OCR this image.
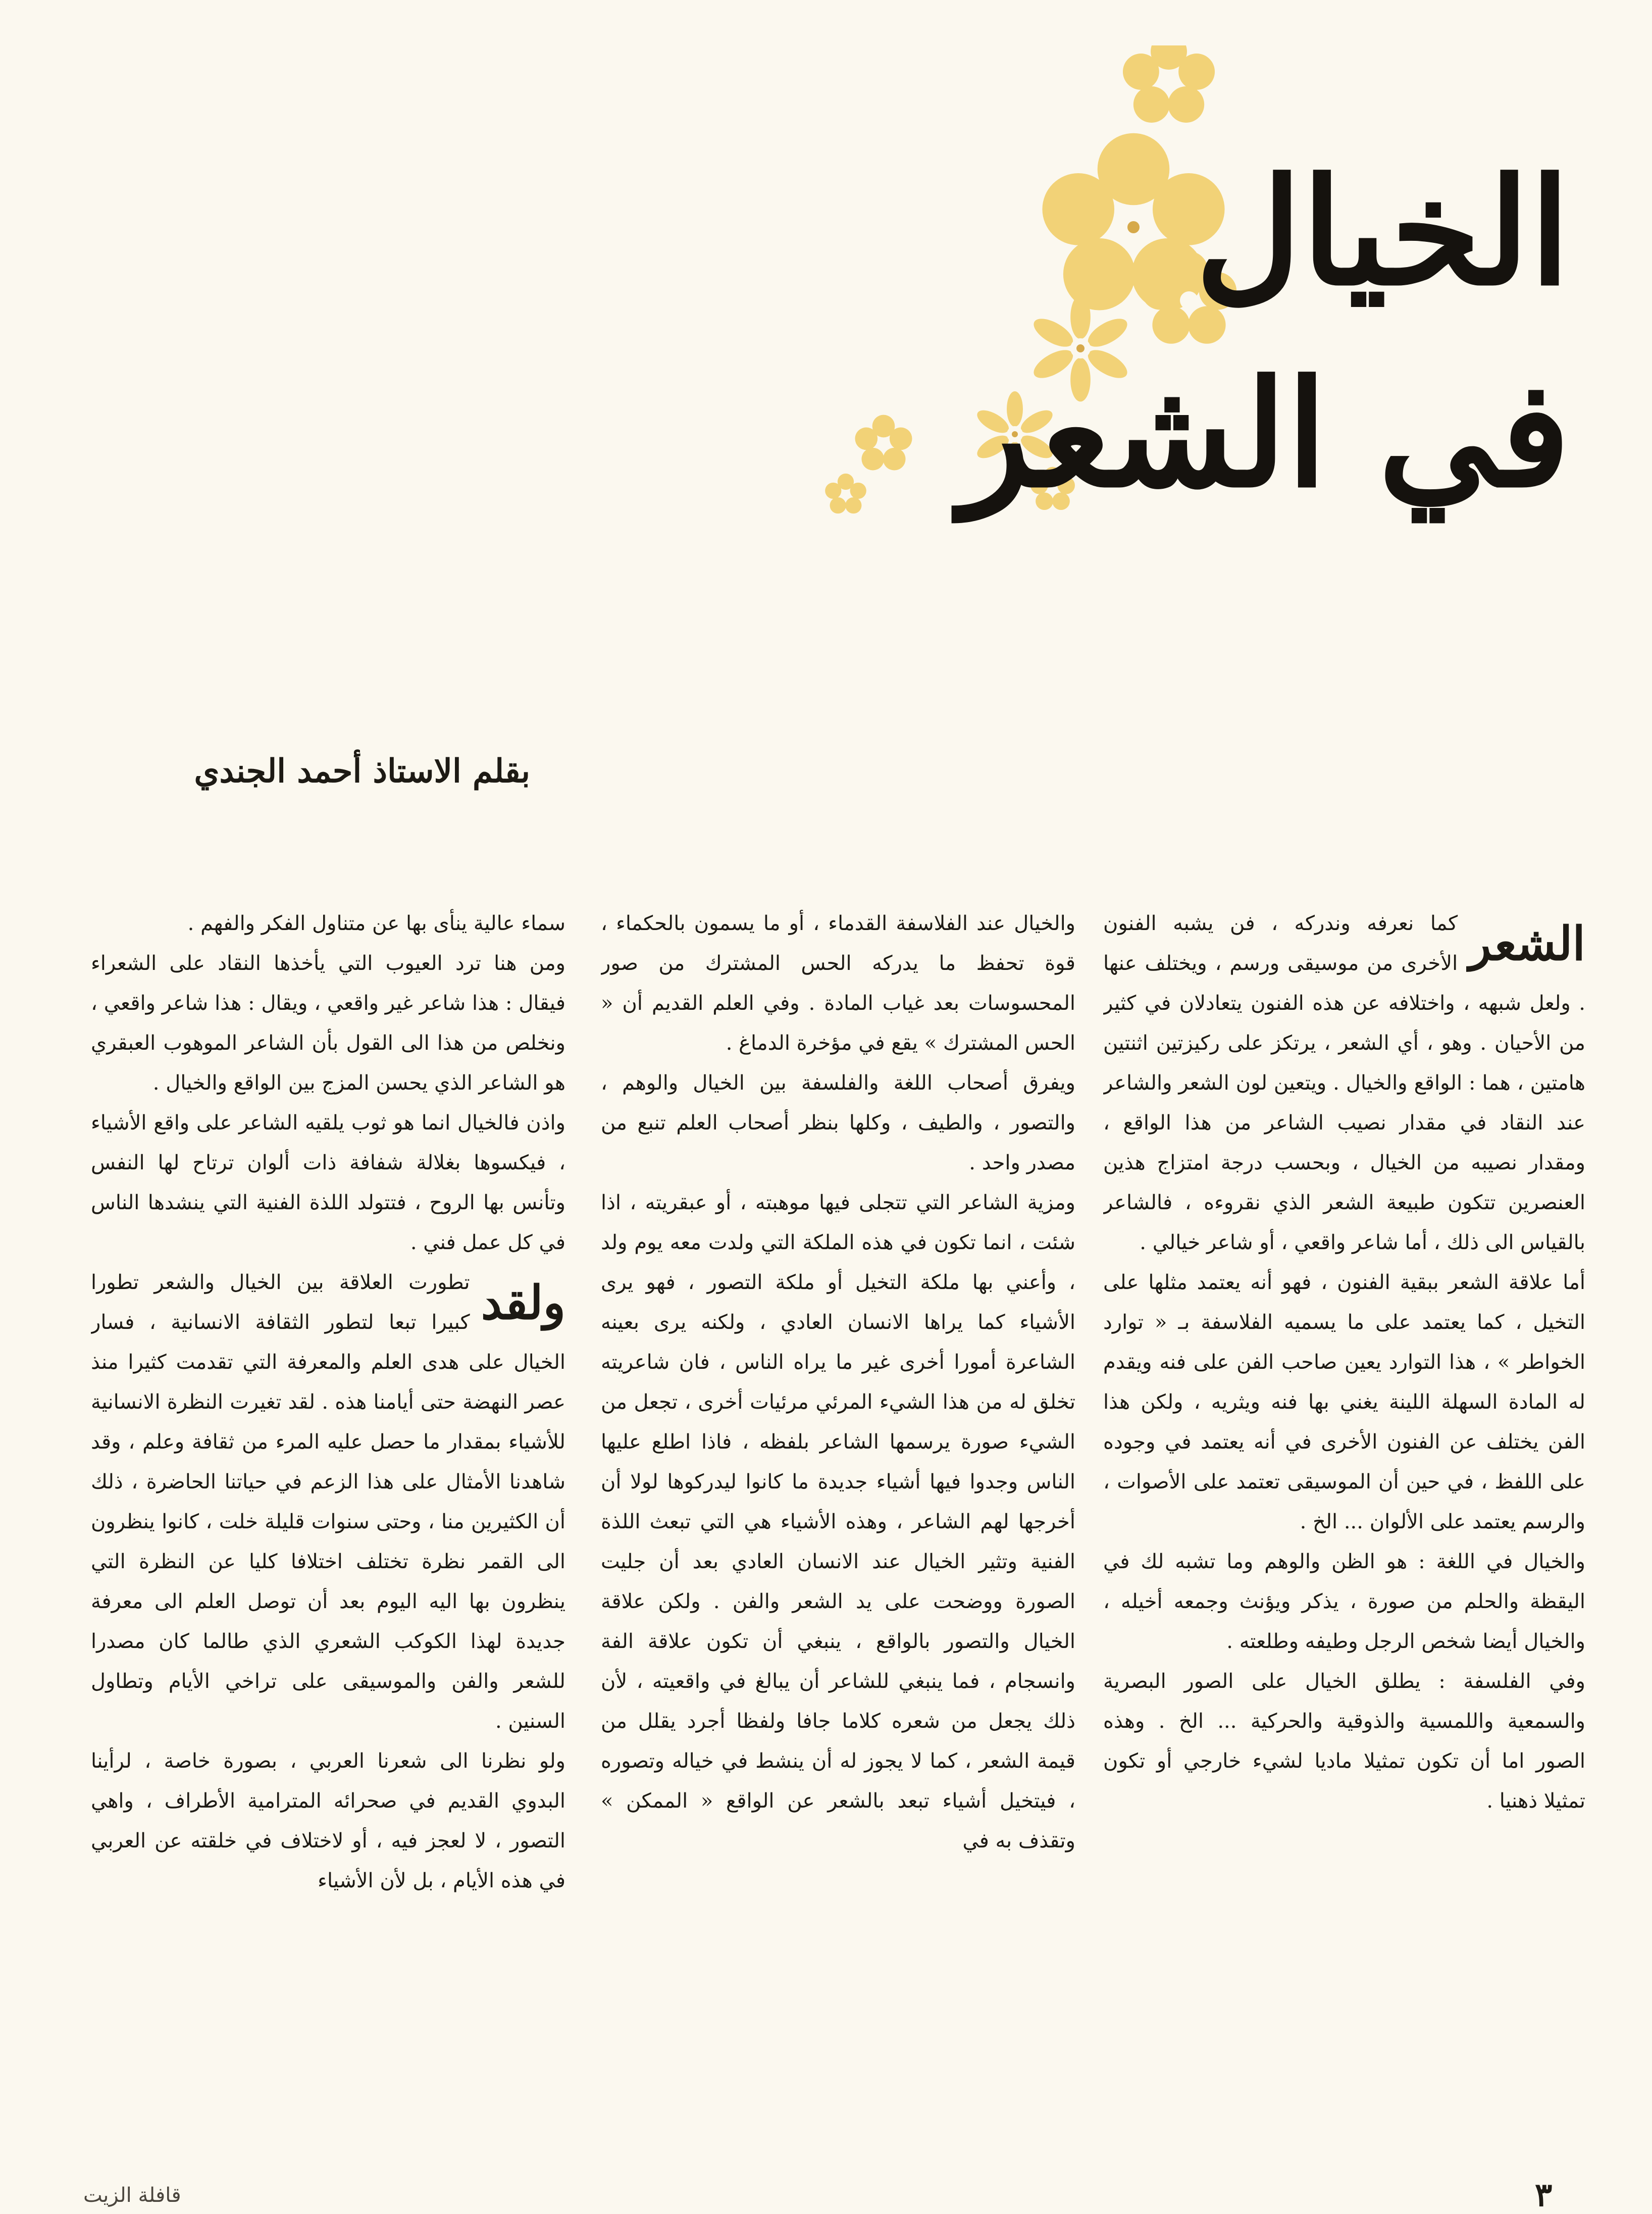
الخيال
في الشعر
بقلم الاستاذ أحمد الجندي
الشعر

كما نعرفه وندركه ، فن يشبه الفنون الأخرى من موسيقى ورسم ، ويختلف عنها . ولعل شبهه ، واختلافه عن هذه الفنون يتعادلان في كثير من الأحيان . وهو ، أي الشعر ، يرتكز على ركيزتين اثنتين هامتين ، هما : الواقع والخيال . ويتعين لون الشعر والشاعر عند النقاد في مقدار نصيب الشاعر من هذا الواقع ، ومقدار نصيبه من الخيال ، وبحسب درجة امتزاج هذين العنصرين تتكون طبيعة الشعر الذي نقروءه ، فالشاعر بالقياس الى ذلك ، أما شاعر واقعي ، أو شاعر خيالي .

أما علاقة الشعر ببقية الفنون ، فهو أنه يعتمد مثلها على التخيل ، كما يعتمد على ما يسميه الفلاسفة بـ « توارد الخواطر » ، هذا التوارد يعين صاحب الفن على فنه ويقدم له المادة السهلة اللينة يغني بها فنه ويثريه ، ولكن هذا الفن يختلف عن الفنون الأخرى في أنه يعتمد في وجوده على اللفظ ، في حين أن الموسيقى تعتمد على الأصوات ، والرسم يعتمد على الألوان ... الخ .

والخيال في اللغة : هو الظن والوهم وما تشبه لك في اليقظة والحلم من صورة ، يذكر ويؤنث وجمعه أخيله ، والخيال أيضا شخص الرجل وطيفه وطلعته .

وفي الفلسفة : يطلق الخيال على الصور البصرية والسمعية واللمسية والذوقية والحركية ... الخ . وهذه الصور اما أن تكون تمثيلا ماديا لشيء خارجي أو تكون تمثيلا ذهنيا .

والخيال عند الفلاسفة القدماء ، أو ما يسمون بالحكماء ، قوة تحفظ ما يدركه الحس المشترك من صور المحسوسات بعد غياب المادة . وفي العلم القديم أن « الحس المشترك » يقع في مؤخرة الدماغ .

ويفرق أصحاب اللغة والفلسفة بين الخيال والوهم ، والتصور ، والطيف ، وكلها بنظر أصحاب العلم تنبع من مصدر واحد .

ومزية الشاعر التي تتجلى فيها موهبته ، أو عبقريته ، اذا شئت ، انما تكون في هذه الملكة التي ولدت معه يوم ولد ، وأعني بها ملكة التخيل أو ملكة التصور ، فهو يرى الأشياء كما يراها الانسان العادي ، ولكنه يرى بعينه الشاعرة أمورا أخرى غير ما يراه الناس ، فان شاعريته تخلق له من هذا الشيء المرئي مرئيات أخرى ، تجعل من الشيء صورة يرسمها الشاعر بلفظه ، فاذا اطلع عليها الناس وجدوا فيها أشياء جديدة ما كانوا ليدركوها لولا أن أخرجها لهم الشاعر ، وهذه الأشياء هي التي تبعث اللذة الفنية وتثير الخيال عند الانسان العادي بعد أن جليت الصورة ووضحت على يد الشعر والفن . ولكن علاقة الخيال والتصور بالواقع ، ينبغي أن تكون علاقة الفة وانسجام ، فما ينبغي للشاعر أن يبالغ في واقعيته ، لأن ذلك يجعل من شعره كلاما جافا ولفظا أجرد يقلل من قيمة الشعر ، كما لا يجوز له أن ينشط في خياله وتصوره ، فيتخيل أشياء تبعد بالشعر عن الواقع « الممكن » وتقذف به في

سماء عالية ينأى بها عن متناول الفكر والفهم .

ومن هنا ترد العيوب التي يأخذها النقاد على الشعراء فيقال : هذا شاعر غير واقعي ، ويقال : هذا شاعر واقعي ، ونخلص من هذا الى القول بأن الشاعر الموهوب العبقري هو الشاعر الذي يحسن المزج بين الواقع والخيال .

واذن فالخيال انما هو ثوب يلقيه الشاعر على واقع الأشياء ، فيكسوها بغلالة شفافة ذات ألوان ترتاح لها النفس وتأنس بها الروح ، فتتولد اللذة الفنية التي ينشدها الناس في كل عمل فني .

ولقد

تطورت العلاقة بين الخيال والشعر تطورا كبيرا تبعا لتطور الثقافة الانسانية ، فسار الخيال على هدى العلم والمعرفة التي تقدمت كثيرا منذ عصر النهضة حتى أيامنا هذه . لقد تغيرت النظرة الانسانية للأشياء بمقدار ما حصل عليه المرء من ثقافة وعلم ، وقد شاهدنا الأمثال على هذا الزعم في حياتنا الحاضرة ، ذلك أن الكثيرين منا ، وحتى سنوات قليلة خلت ، كانوا ينظرون الى القمر نظرة تختلف اختلافا كليا عن النظرة التي ينظرون بها اليه اليوم بعد أن توصل العلم الى معرفة جديدة لهذا الكوكب الشعري الذي طالما كان مصدرا للشعر والفن والموسيقى على تراخي الأيام وتطاول السنين .

ولو نظرنا الى شعرنا العربي ، بصورة خاصة ، لرأينا البدوي القديم في صحرائه المترامية الأطراف ، واهي التصور ، لا لعجز فيه ، أو لاختلاف في خلقته عن العربي في هذه الأيام ، بل لأن الأشياء

٣
قافلة الزيت
